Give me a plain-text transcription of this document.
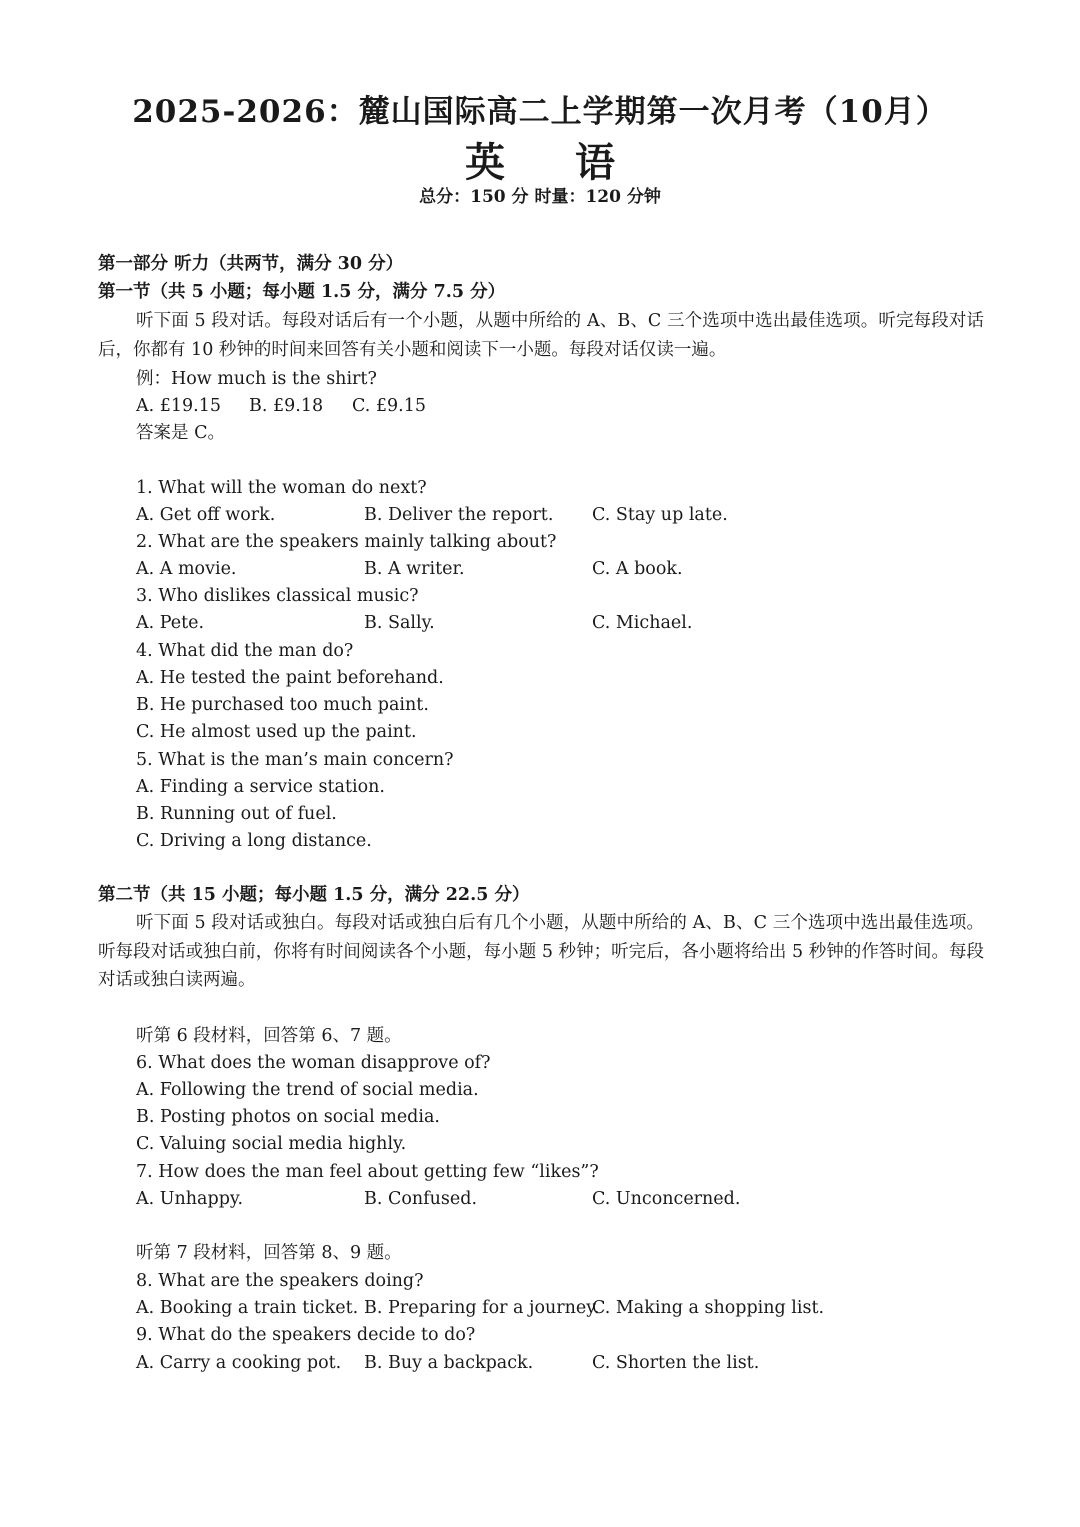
2025-2026：麓山国际高二上学期第一次月考（10月）
英 语
总分：150 分 时量：120 分钟
第一部分 听力（共两节，满分 30 分）
第一节（共 5 小题；每小题 1.5 分，满分 7.5 分）
听下面 5 段对话。每段对话后有一个小题，从题中所给的 A、B、C 三个选项中选出最佳选项。听完每段对话后，你都有 10 秒钟的时间来回答有关小题和阅读下一小题。每段对话仅读一遍。
例：How much is the shirt?
A. £19.15 B. £9.18 C. £9.15
答案是 C。
1. What will the woman do next?
A. Get off work.	B. Deliver the report. C. Stay up late.
2. What are the speakers mainly talking about?
A. A movie.	B. A writer.	C. A book.
3. Who dislikes classical music?
A. Pete.	B. Sally.	C. Michael.
4. What did the man do?
A. He tested the paint beforehand.
B. He purchased too much paint.
C. He almost used up the paint.
5. What is the man’s main concern?
A. Finding a service station.
B. Running out of fuel.
C. Driving a long distance.
第二节（共 15 小题；每小题 1.5 分，满分 22.5 分）
听下面 5 段对话或独白。每段对话或独白后有几个小题，从题中所给的 A、B、C 三个选项中选出最佳选项。听每段对话或独白前，你将有时间阅读各个小题，每小题 5 秒钟；听完后，各小题将给出 5 秒钟的作答时间。每段对话或独白读两遍。
听第 6 段材料，回答第 6、7 题。
6. What does the woman disapprove of?
A. Following the trend of social media.
B. Posting photos on social media.
C. Valuing social media highly.
7. How does the man feel about getting few “likes”?
A. Unhappy.	B. Confused.	C. Unconcerned.
听第 7 段材料，回答第 8、9 题。
8. What are the speakers doing?
A. Booking a train ticket. B. Preparing for a journey.
C. Making a shopping list.
9. What do the speakers decide to do?
A. Carry a cooking pot. B. Buy a backpack.	C. Shorten the list.
